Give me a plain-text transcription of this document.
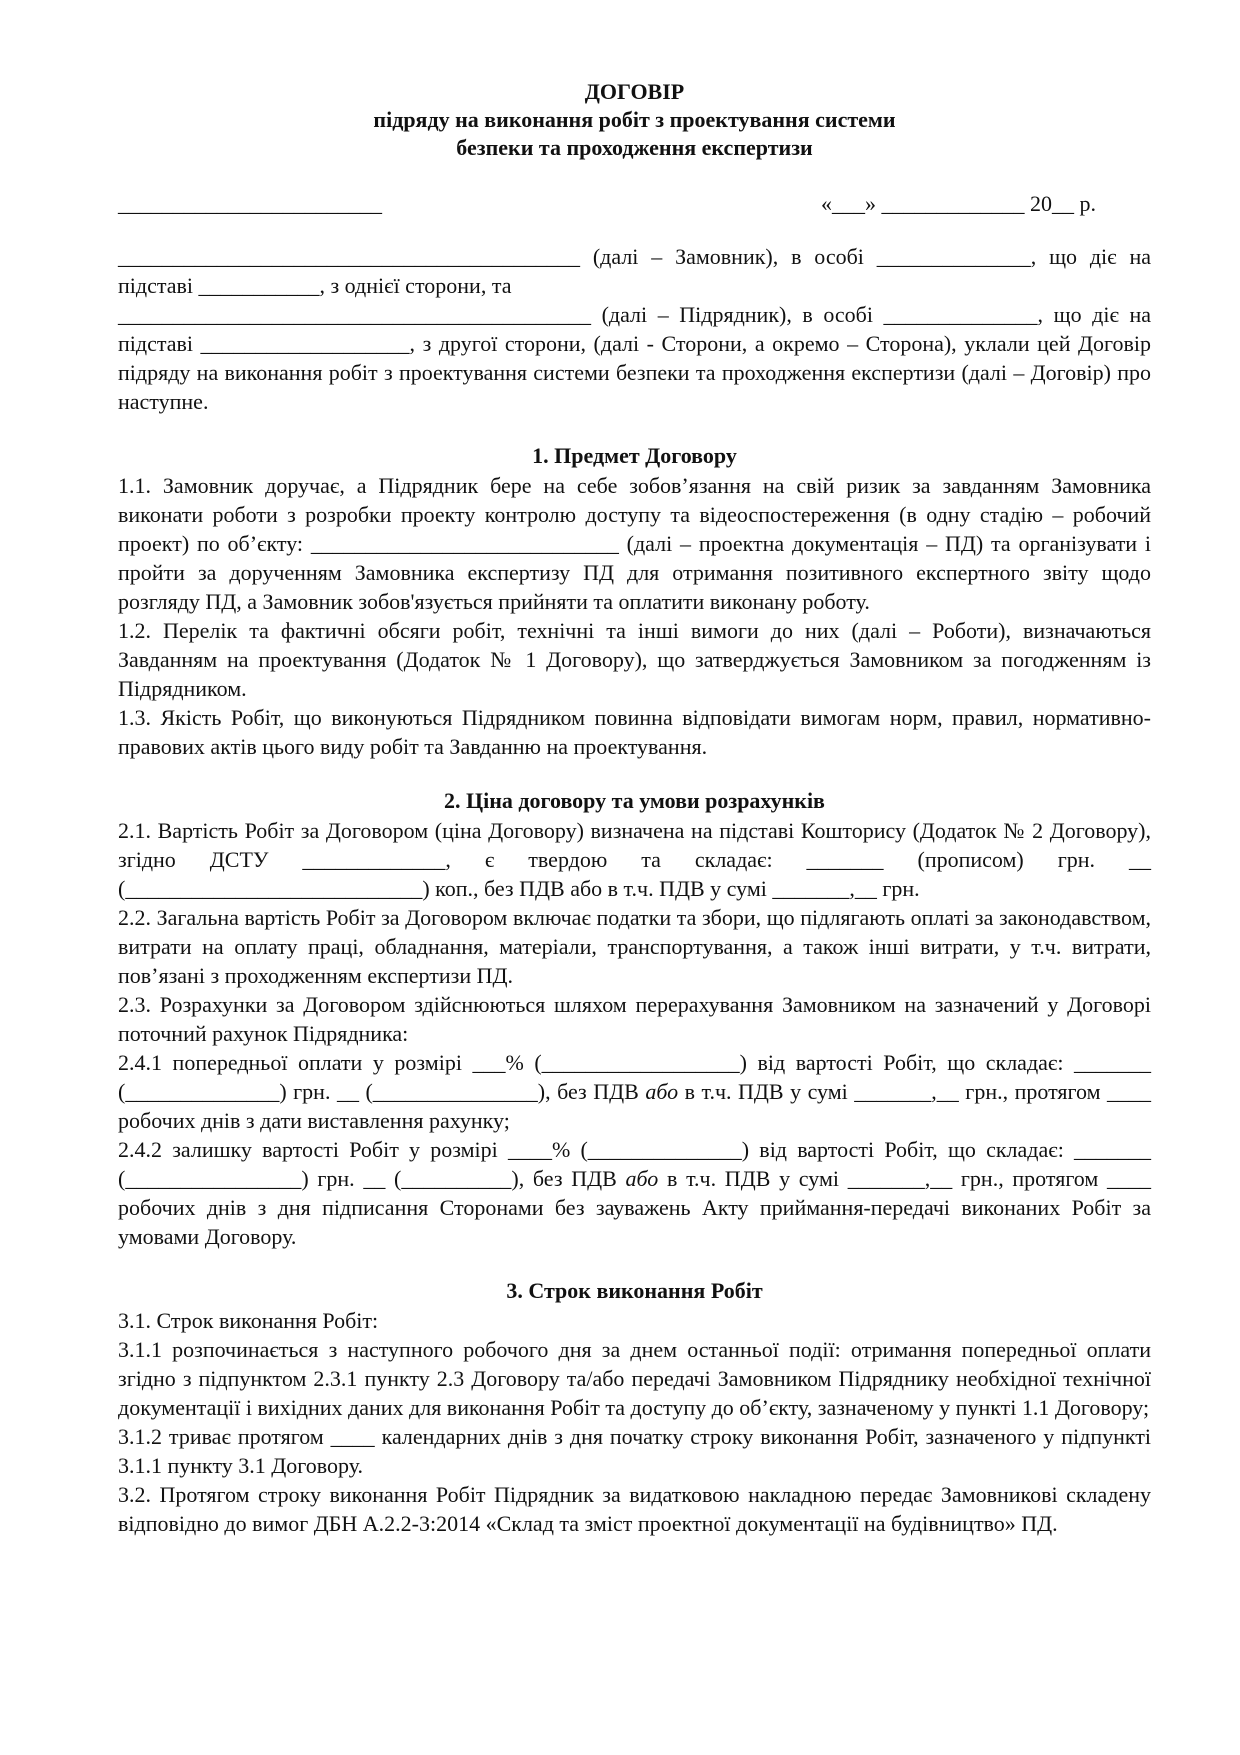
ДОГОВІР
підряду на виконання робіт з проектування системи
безпеки та проходження експертизи
________________________	«___» _____________ 20__ р.

__________________________________________ (далі – Замовник), в особі ______________, що діє на підставі ___________, з однієї сторони, та

___________________________________________ (далі – Підрядник), в особі ______________, що діє на підставі ___________________, з другої сторони, (далі - Сторони, а окремо – Сторона), уклали цей Договір підряду на виконання робіт з проектування системи безпеки та проходження експертизи (далі – Договір) про наступне.

1. Предмет Договору

1.1. Замовник доручає, а Підрядник бере на себе зобов’язання на свій ризик за завданням Замовника виконати роботи з розробки проекту контролю доступу та відеоспостереження (в одну стадію – робочий проект) по об’єкту: ____________________________ (далі – проектна документація – ПД) та організувати і пройти за дорученням Замовника експертизу ПД для отримання позитивного експертного звіту щодо розгляду ПД, а Замовник зобов'язується прийняти та оплатити виконану роботу.

1.2. Перелік та фактичні обсяги робіт, технічні та інші вимоги до них (далі – Роботи), визначаються Завданням на проектування (Додаток № 1 Договору), що затверджується Замовником за погодженням із Підрядником.

1.3. Якість Робіт, що виконуються Підрядником повинна відповідати вимогам норм, правил, нормативно-правових актів цього виду робіт та Завданню на проектування.

2. Ціна договору та умови розрахунків

2.1. Вартість Робіт за Договором (ціна Договору) визначена на підставі Кошторису (Додаток № 2 Договору), згідно ДСТУ _____________, є твердою та складає: _______ (прописом) грн. __ (___________________________) коп., без ПДВ або в т.ч. ПДВ у сумі _______,__ грн.

2.2. Загальна вартість Робіт за Договором включає податки та збори, що підлягають оплаті за законодавством, витрати на оплату праці, обладнання, матеріали, транспортування, а також інші витрати, у т.ч. витрати, пов’язані з проходженням експертизи ПД.

2.3. Розрахунки за Договором здійснюються шляхом перерахування Замовником на зазначений у Договорі поточний рахунок Підрядника:

2.4.1 попередньої оплати у розмірі ___% (__________________) від вартості Робіт, що складає: _______ (______________) грн. __ (_______________), без ПДВ або в т.ч. ПДВ у сумі _______,__ грн., протягом ____ робочих днів з дати виставлення рахунку;

2.4.2 залишку вартості Робіт у розмірі ____% (______________) від вартості Робіт, що складає: _______ (________________) грн. __ (__________), без ПДВ або в т.ч. ПДВ у сумі _______,__ грн., протягом ____ робочих днів з дня підписання Сторонами без зауважень Акту приймання-передачі виконаних Робіт за умовами Договору.

3. Строк виконання Робіт

3.1. Строк виконання Робіт:

3.1.1 розпочинається з наступного робочого дня за днем останньої події: отримання попередньої оплати згідно з підпунктом 2.3.1 пункту 2.3 Договору та/або передачі Замовником Підряднику необхідної технічної документації і вихідних даних для виконання Робіт та доступу до об’єкту, зазначеному у пункті 1.1 Договору;

3.1.2 триває протягом ____ календарних днів з дня початку строку виконання Робіт, зазначеного у підпункті 3.1.1 пункту 3.1 Договору.

3.2. Протягом строку виконання Робіт Підрядник за видатковою накладною передає Замовникові складену відповідно до вимог ДБН А.2.2-3:2014 «Склад та зміст проектної документації на будівництво» ПД.
